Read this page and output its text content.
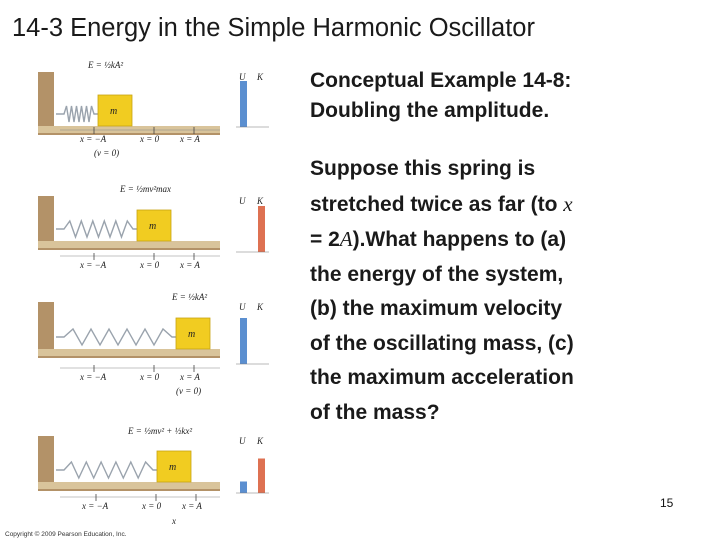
14-3 Energy in the Simple Harmonic Oscillator
Conceptual Example 14-8:
Doubling the amplitude.
Suppose this spring is
stretched twice as far (to x
= 2A).What happens to (a)
the energy of the system,
(b) the maximum velocity
of the oscillating mass, (c)
the maximum acceleration
of the mass?
m
E = ½kA²
x = −A	x = 0 x = A
(v = 0)
U K
m
E = ½mv²max
x = −A	x = 0 x = A
U K
m
E = ½kA²
x = −A	x = 0 x = A
(v = 0)
U K
m
E = ½mv² + ½kx²
x = −A	x = 0 x = A
x
U K
15
Copyright © 2009 Pearson Education, Inc.
